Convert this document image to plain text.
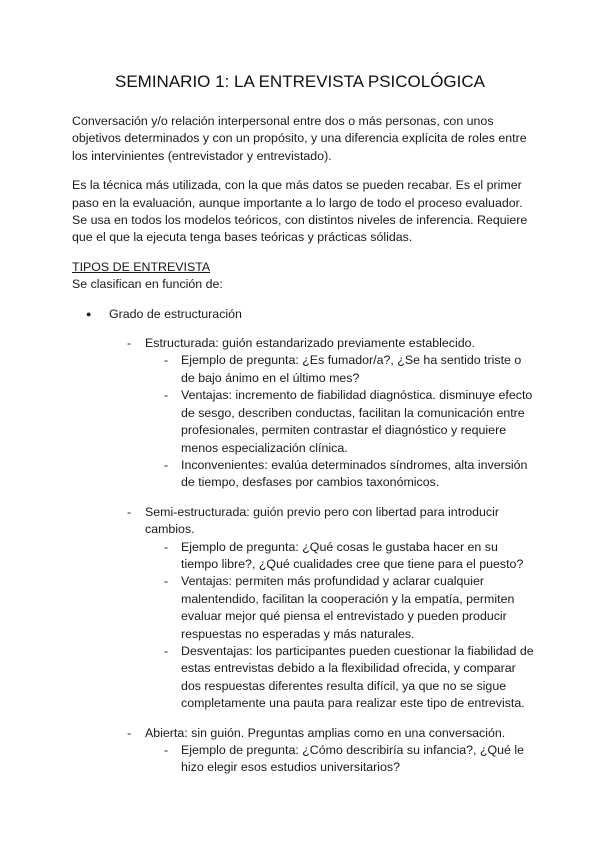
SEMINARIO 1: LA ENTREVISTA PSICOLÓGICA
Conversación y/o relación interpersonal entre dos o más personas, con unos
objetivos determinados y con un propósito, y una diferencia explícita de roles entre
los intervinientes (entrevistador y entrevistado).
Es la técnica más utilizada, con la que más datos se pueden recabar. Es el primer
paso en la evaluación, aunque importante a lo largo de todo el proceso evaluador.
Se usa en todos los modelos teóricos, con distintos niveles de inferencia. Requiere
que el que la ejecuta tenga bases teóricas y prácticas sólidas.
TIPOS DE ENTREVISTA
Se clasifican en función de:
● Grado de estructuración
- Estructurada: guión estandarizado previamente establecido.
- Ejemplo de pregunta: ¿Es fumador/a?, ¿Se ha sentido triste o
de bajo ánimo en el último mes?
- Ventajas: incremento de fiabilidad diagnóstica. disminuye efecto
de sesgo, describen conductas, facilitan la comunicación entre
profesionales, permiten contrastar el diagnóstico y requiere
menos especialización clínica.
- Inconvenientes: evalúa determinados síndromes, alta inversión
de tiempo, desfases por cambios taxonómicos.
- Semi-estructurada: guión previo pero con libertad para introducir
cambios.
- Ejemplo de pregunta: ¿Qué cosas le gustaba hacer en su
tiempo libre?, ¿Qué cualidades cree que tiene para el puesto?
- Ventajas: permiten más profundidad y aclarar cualquier
malentendido, facilitan la cooperación y la empatía, permiten
evaluar mejor qué piensa el entrevistado y pueden producir
respuestas no esperadas y más naturales.
- Desventajas: los participantes pueden cuestionar la fiabilidad de
estas entrevistas debido a la flexibilidad ofrecida, y comparar
dos respuestas diferentes resulta difícil, ya que no se sigue
completamente una pauta para realizar este tipo de entrevista.
- Abierta: sin guión. Preguntas amplias como en una conversación.
- Ejemplo de pregunta: ¿Cómo describiría su infancia?, ¿Qué le
hizo elegir esos estudios universitarios?
